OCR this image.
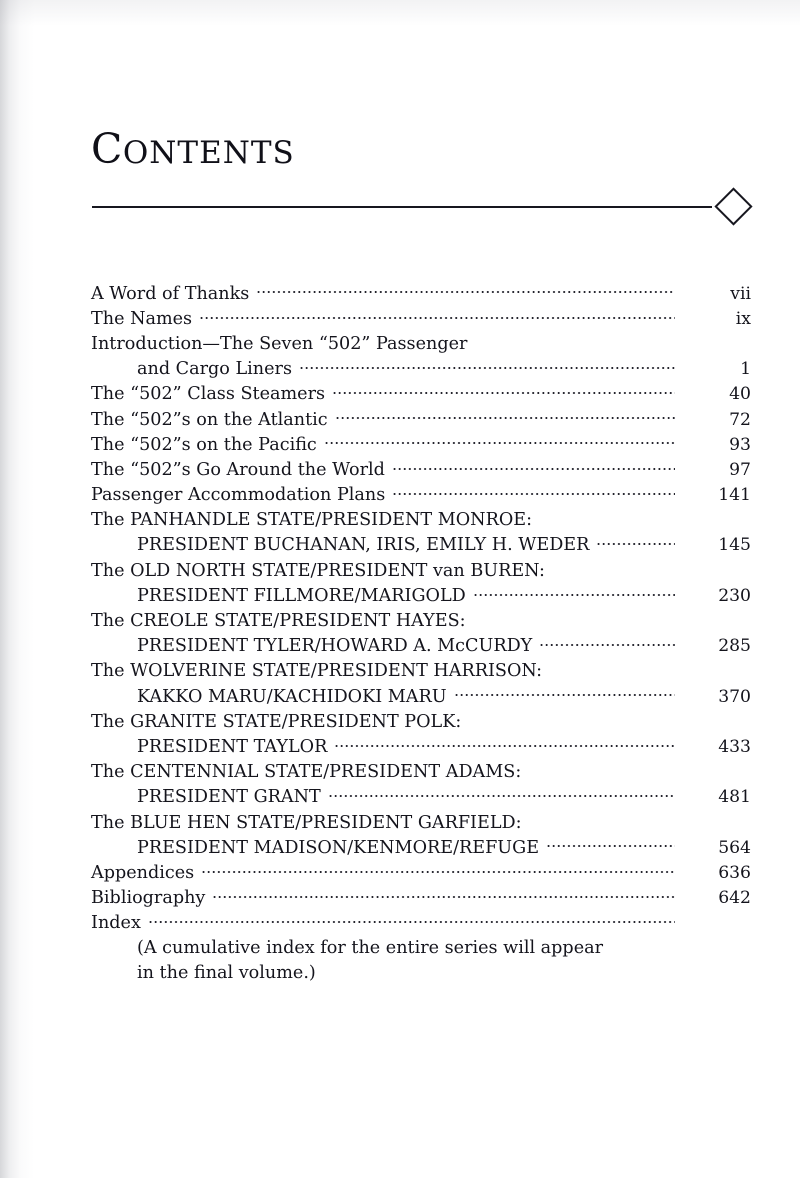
CONTENTS
A Word of Thanks	vii
The Names	ix
Introduction—The Seven “502” Passenger
and Cargo Liners	1
The “502” Class Steamers	40
The “502”s on the Atlantic	72
The “502”s on the Pacific	93
The “502”s Go Around the World	97
Passenger Accommodation Plans	141
The PANHANDLE STATE/PRESIDENT MONROE:
PRESIDENT BUCHANAN, IRIS, EMILY H. WEDER	145
The OLD NORTH STATE/PRESIDENT van BUREN:
PRESIDENT FILLMORE/MARIGOLD	230
The CREOLE STATE/PRESIDENT HAYES:
PRESIDENT TYLER/HOWARD A. McCURDY	285
The WOLVERINE STATE/PRESIDENT HARRISON:
KAKKO MARU/KACHIDOKI MARU	370
The GRANITE STATE/PRESIDENT POLK:
PRESIDENT TAYLOR	433
The CENTENNIAL STATE/PRESIDENT ADAMS:
PRESIDENT GRANT	481
The BLUE HEN STATE/PRESIDENT GARFIELD:
PRESIDENT MADISON/KENMORE/REFUGE	564
Appendices	636
Bibliography	642
Index
(A cumulative index for the entire series will appear
in the final volume.)
